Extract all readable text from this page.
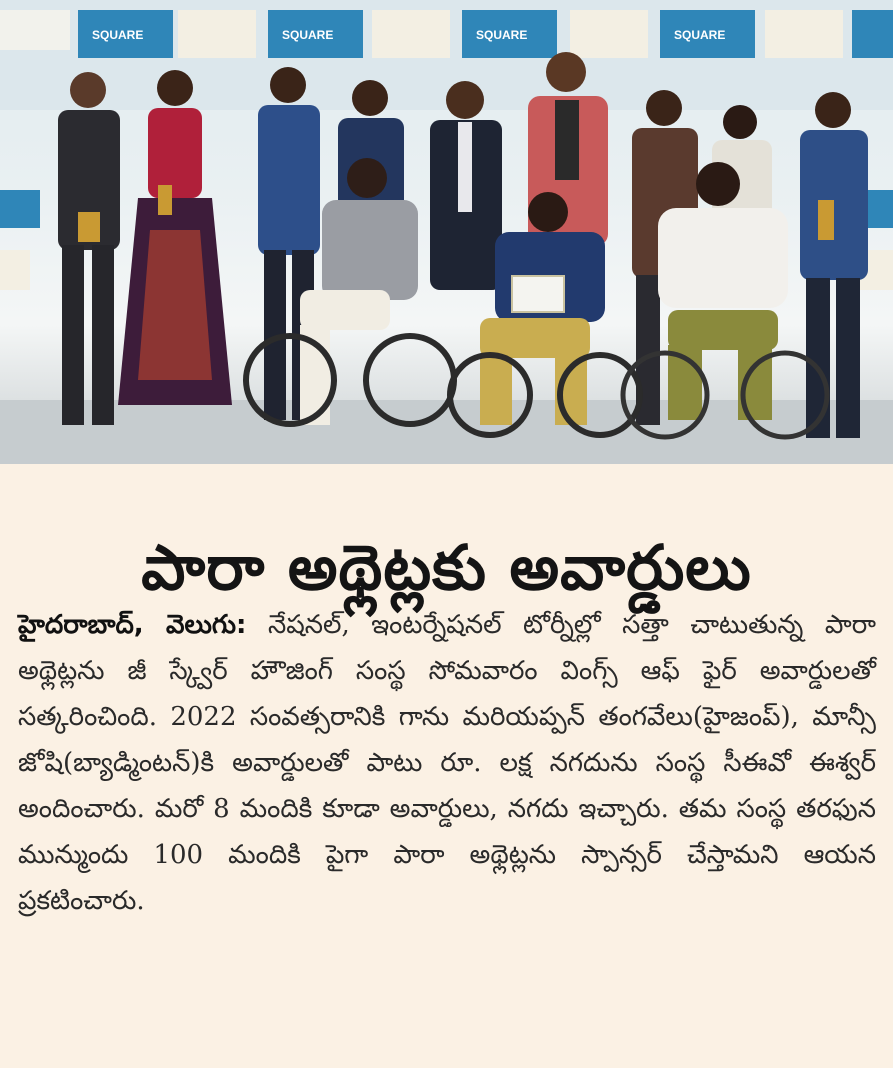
SQUARE	SQUARE	SQUARE	SQUARE
పారా అథ్లెట్లకు అవార్డులు

హైదరాబాద్, వెలుగు: నేషనల్, ఇంటర్నేషనల్ టోర్నీల్లో సత్తా చాటుతున్న పారా అథ్లెట్లను జీ స్క్వేర్ హౌజింగ్ సంస్థ సోమవారం వింగ్స్ ఆఫ్ ఫైర్ అవార్డులతో సత్కరించింది. 2022 సంవత్సరానికి గాను మరియప్పన్ తంగవేలు(హైజంప్), మాన్సీ జోషి(బ్యాడ్మింటన్)కి అవార్డులతో పాటు రూ. లక్ష నగదును సంస్థ సీఈవో ఈశ్వర్ అందించారు. మరో 8 మందికి కూడా అవార్డులు, నగదు ఇచ్చారు. తమ సంస్థ తరఫున మున్ముందు 100 మందికి పైగా పారా అథ్లెట్లను స్పాన్సర్ చేస్తామని ఆయన ప్రకటించారు.
